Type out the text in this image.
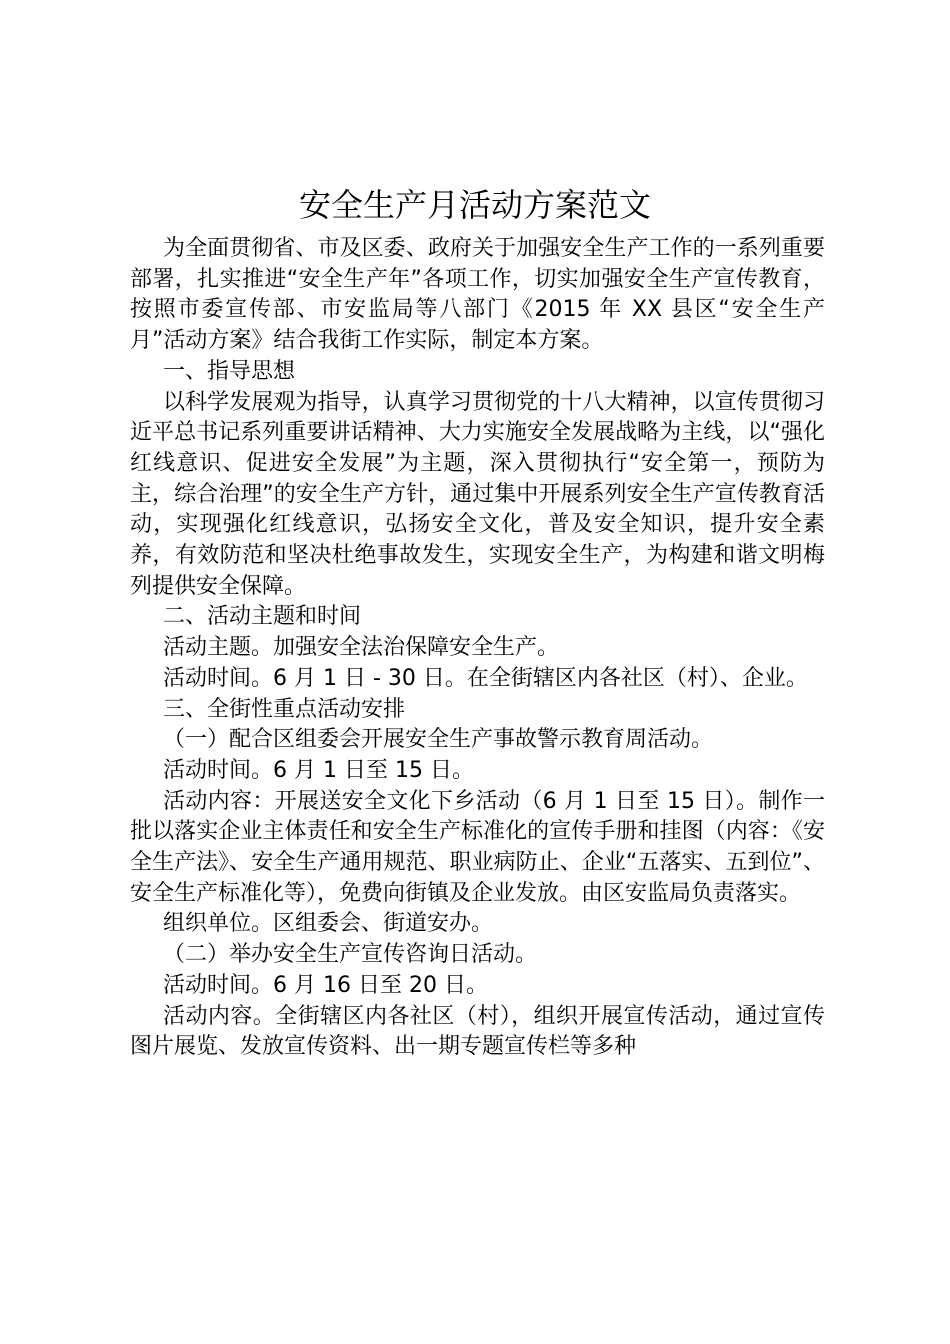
安全生产月活动方案范文

为全面贯彻省、市及区委、政府关于加强安全生产工作的一系列重要部署，扎实推进“安全生产年”各项工作，切实加强安全生产宣传教育，按照市委宣传部、市安监局等八部门《2015 年 XX 县区“安全生产月”活动方案》结合我街工作实际，制定本方案。

一、指导思想

以科学发展观为指导，认真学习贯彻党的十八大精神，以宣传贯彻习近平总书记系列重要讲话精神、大力实施安全发展战略为主线，以“强化红线意识、促进安全发展”为主题，深入贯彻执行“安全第一，预防为主，综合治理”的安全生产方针，通过集中开展系列安全生产宣传教育活动，实现强化红线意识，弘扬安全文化，普及安全知识，提升安全素养，有效防范和坚决杜绝事故发生，实现安全生产，为构建和谐文明梅列提供安全保障。

二、活动主题和时间

活动主题。加强安全法治保障安全生产。

活动时间。6 月 1 日 - 30 日。在全街辖区内各社区（村）、企业。

三、全街性重点活动安排

（一）配合区组委会开展安全生产事故警示教育周活动。

活动时间。6 月 1 日至 15 日。

活动内容：开展送安全文化下乡活动（6 月 1 日至 15 日）。制作一批以落实企业主体责任和安全生产标准化的宣传手册和挂图（内容：《安全生产法》、安全生产通用规范、职业病防止、企业“五落实、五到位”、安全生产标准化等），免费向街镇及企业发放。由区安监局负责落实。

组织单位。区组委会、街道安办。

（二）举办安全生产宣传咨询日活动。

活动时间。6 月 16 日至 20 日。

活动内容。全街辖区内各社区（村），组织开展宣传活动，通过宣传图片展览、发放宣传资料、出一期专题宣传栏等多种
